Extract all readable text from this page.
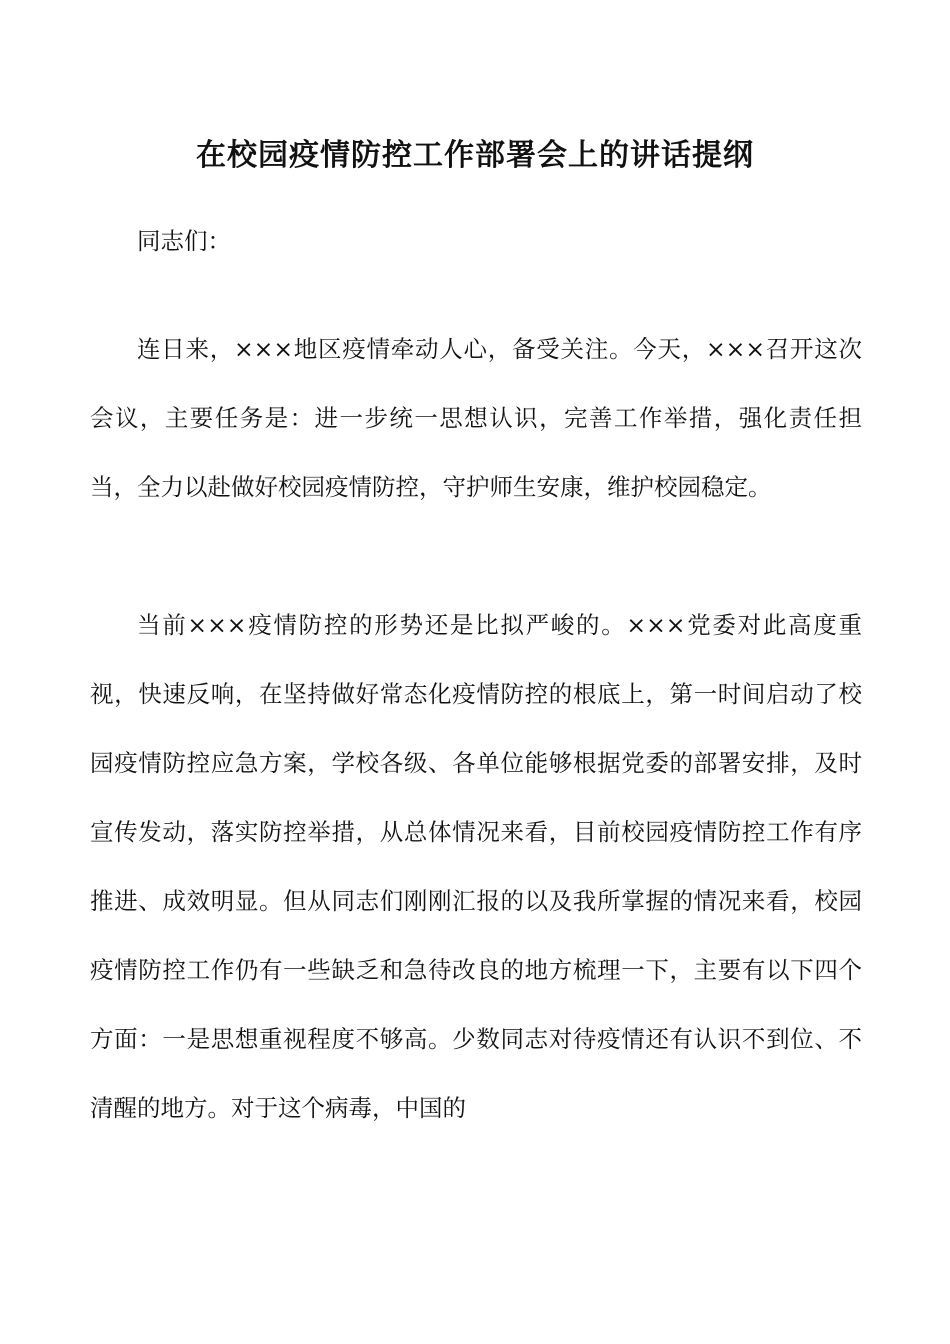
在校园疫情防控工作部署会上的讲话提纲

同志们：

连日来，×××地区疫情牵动人心，备受关注。今天，×××召开这次会议，主要任务是：进一步统一思想认识，完善工作举措，强化责任担当，全力以赴做好校园疫情防控，守护师生安康，维护校园稳定。

当前×××疫情防控的形势还是比拟严峻的。×××党委对此高度重视，快速反响，在坚持做好常态化疫情防控的根底上，第一时间启动了校园疫情防控应急方案，学校各级、各单位能够根据党委的部署安排，及时宣传发动，落实防控举措，从总体情况来看，目前校园疫情防控工作有序推进、成效明显。但从同志们刚刚汇报的以及我所掌握的情况来看，校园疫情防控工作仍有一些缺乏和急待改良的地方梳理一下，主要有以下四个方面：一是思想重视程度不够高。少数同志对待疫情还有认识不到位、不清醒的地方。对于这个病毒，中国的
